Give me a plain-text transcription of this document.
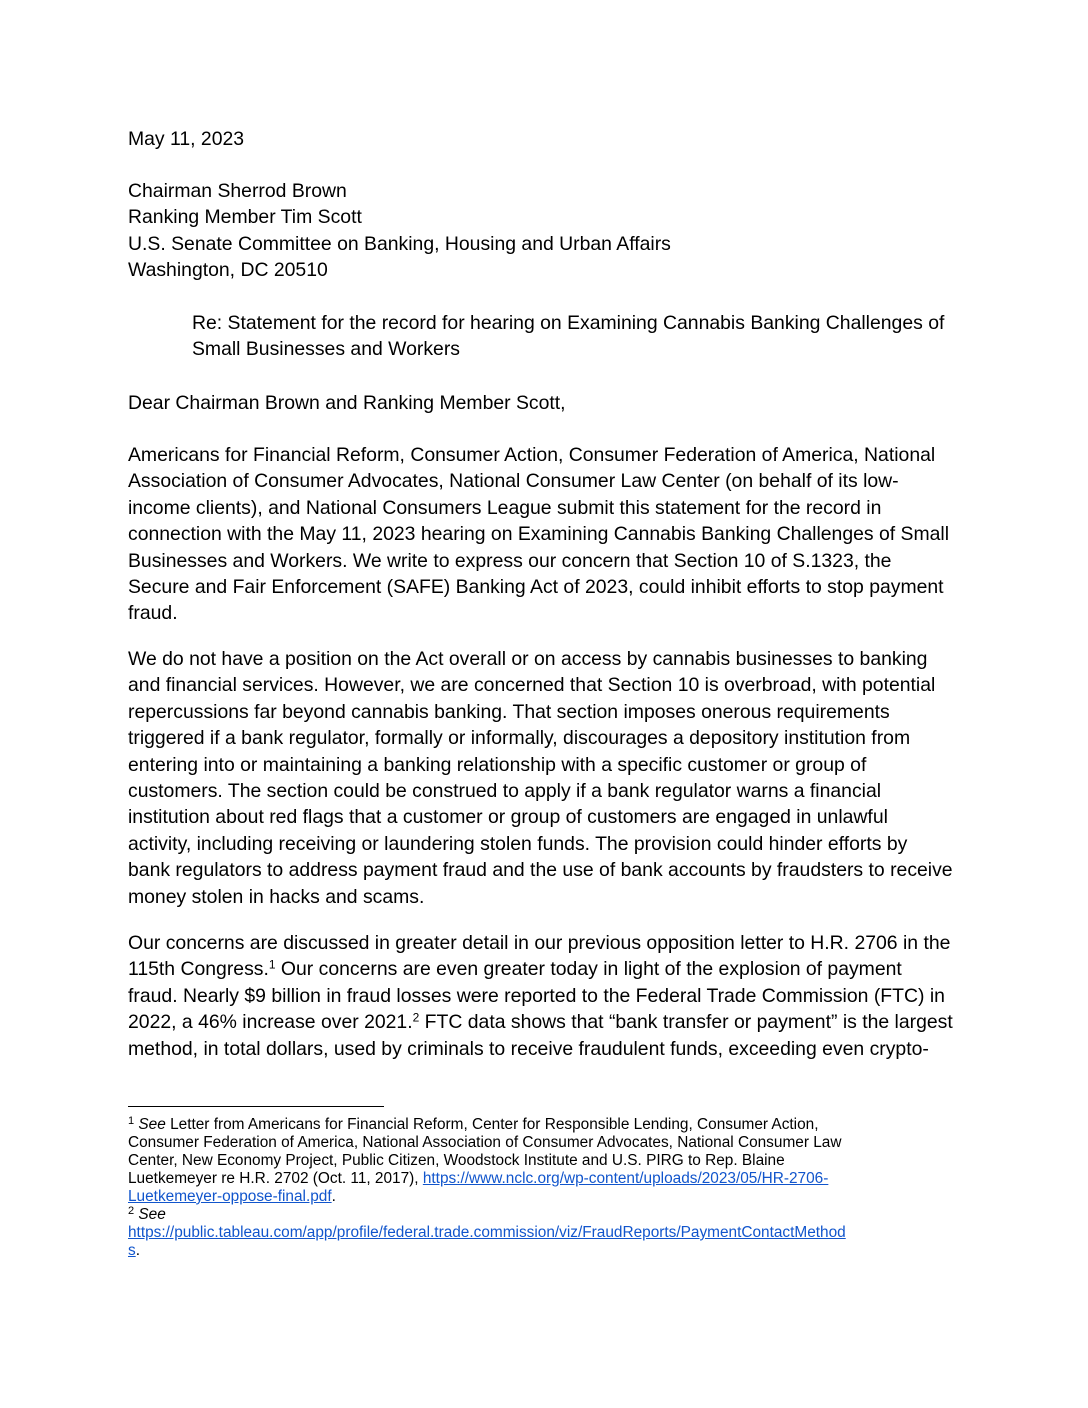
May 11, 2023
Chairman Sherrod Brown
Ranking Member Tim Scott
U.S. Senate Committee on Banking, Housing and Urban Affairs
Washington, DC 20510
Re: Statement for the record for hearing on Examining Cannabis Banking Challenges of
Small Businesses and Workers
Dear Chairman Brown and Ranking Member Scott,
Americans for Financial Reform, Consumer Action, Consumer Federation of America, National
Association of Consumer Advocates, National Consumer Law Center (on behalf of its low-
income clients), and National Consumers League submit this statement for the record in
connection with the May 11, 2023 hearing on Examining Cannabis Banking Challenges of Small
Businesses and Workers. We write to express our concern that Section 10 of S.1323, the
Secure and Fair Enforcement (SAFE) Banking Act of 2023, could inhibit efforts to stop payment
fraud.
We do not have a position on the Act overall or on access by cannabis businesses to banking
and financial services. However, we are concerned that Section 10 is overbroad, with potential
repercussions far beyond cannabis banking. That section imposes onerous requirements
triggered if a bank regulator, formally or informally, discourages a depository institution from
entering into or maintaining a banking relationship with a specific customer or group of
customers. The section could be construed to apply if a bank regulator warns a financial
institution about red flags that a customer or group of customers are engaged in unlawful
activity, including receiving or laundering stolen funds. The provision could hinder efforts by
bank regulators to address payment fraud and the use of bank accounts by fraudsters to receive
money stolen in hacks and scams.
Our concerns are discussed in greater detail in our previous opposition letter to H.R. 2706 in the
115th Congress.$^1$ Our concerns are even greater today in light of the explosion of payment
fraud. Nearly $9 billion in fraud losses were reported to the Federal Trade Commission (FTC) in
2022, a 46% increase over 2021.$^2$ FTC data shows that “bank transfer or payment” is the largest
method, in total dollars, used by criminals to receive fraudulent funds, exceeding even crypto-
$^1$ See Letter from Americans for Financial Reform, Center for Responsible Lending, Consumer Action,
Consumer Federation of America, National Association of Consumer Advocates, National Consumer Law
Center, New Economy Project, Public Citizen, Woodstock Institute and U.S. PIRG to Rep. Blaine
Luetkemeyer re H.R. 2702 (Oct. 11, 2017), https://www.nclc.org/wp-content/uploads/2023/05/HR-2706-
Luetkemeyer-oppose-final.pdf.
$^2$ See
https://public.tableau.com/app/profile/federal.trade.commission/viz/FraudReports/PaymentContactMethod
s.
